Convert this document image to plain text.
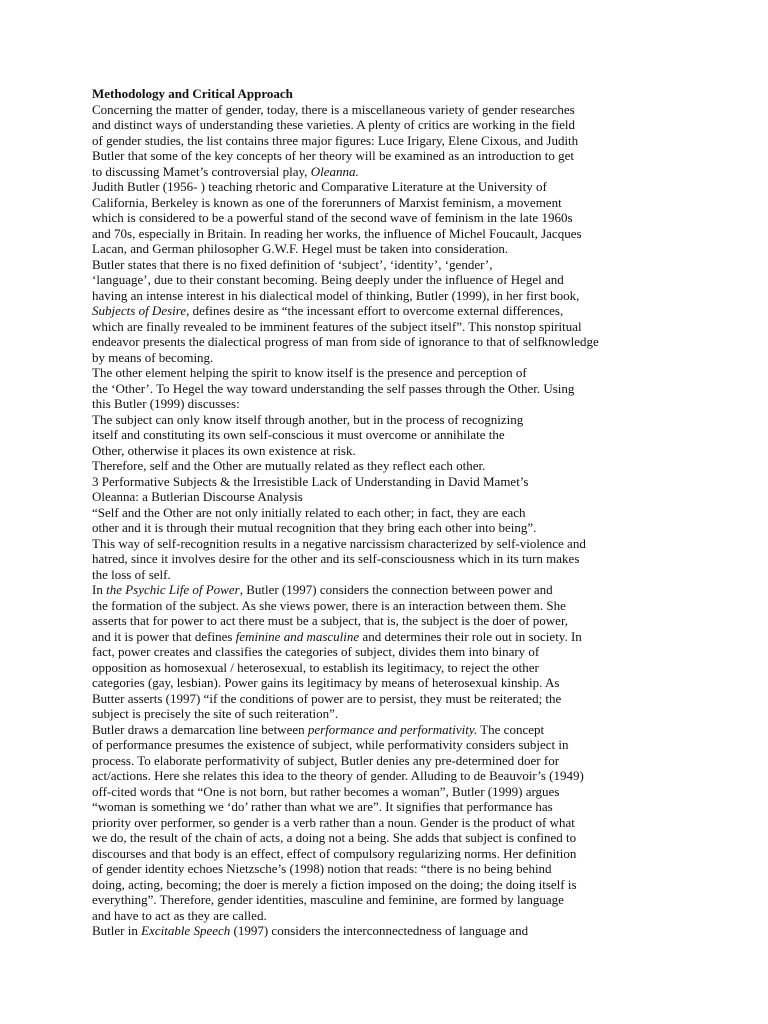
Methodology and Critical Approach
Concerning the matter of gender, today, there is a miscellaneous variety of gender researches
and distinct ways of understanding these varieties. A plenty of critics are working in the field
of gender studies, the list contains three major figures: Luce Irigary, Elene Cixous, and Judith
Butler that some of the key concepts of her theory will be examined as an introduction to get
to discussing Mamet’s controversial play, Oleanna.
Judith Butler (1956- ) teaching rhetoric and Comparative Literature at the University of
California, Berkeley is known as one of the forerunners of Marxist feminism, a movement
which is considered to be a powerful stand of the second wave of feminism in the late 1960s
and 70s, especially in Britain. In reading her works, the influence of Michel Foucault, Jacques
Lacan, and German philosopher G.W.F. Hegel must be taken into consideration.
Butler states that there is no fixed definition of ‘subject’, ‘identity’, ‘gender’,
‘language’, due to their constant becoming. Being deeply under the influence of Hegel and
having an intense interest in his dialectical model of thinking, Butler (1999), in her first book,
Subjects of Desire, defines desire as “the incessant effort to overcome external differences,
which are finally revealed to be imminent features of the subject itself”. This nonstop spiritual
endeavor presents the dialectical progress of man from side of ignorance to that of selfknowledge
by means of becoming.
The other element helping the spirit to know itself is the presence and perception of
the ‘Other’. To Hegel the way toward understanding the self passes through the Other. Using
this Butler (1999) discusses:
The subject can only know itself through another, but in the process of recognizing
itself and constituting its own self-conscious it must overcome or annihilate the
Other, otherwise it places its own existence at risk.
Therefore, self and the Other are mutually related as they reflect each other.
3 Performative Subjects & the Irresistible Lack of Understanding in David Mamet’s
Oleanna: a Butlerian Discourse Analysis
“Self and the Other are not only initially related to each other; in fact, they are each
other and it is through their mutual recognition that they bring each other into being”.
This way of self-recognition results in a negative narcissism characterized by self-violence and
hatred, since it involves desire for the other and its self-consciousness which in its turn makes
the loss of self.
In the Psychic Life of Power, Butler (1997) considers the connection between power and
the formation of the subject. As she views power, there is an interaction between them. She
asserts that for power to act there must be a subject, that is, the subject is the doer of power,
and it is power that defines feminine and masculine and determines their role out in society. In
fact, power creates and classifies the categories of subject, divides them into binary of
opposition as homosexual / heterosexual, to establish its legitimacy, to reject the other
categories (gay, lesbian). Power gains its legitimacy by means of heterosexual kinship. As
Butter asserts (1997) “if the conditions of power are to persist, they must be reiterated; the
subject is precisely the site of such reiteration”.
Butler draws a demarcation line between performance and performativity. The concept
of performance presumes the existence of subject, while performativity considers subject in
process. To elaborate performativity of subject, Butler denies any pre-determined doer for
act/actions. Here she relates this idea to the theory of gender. Alluding to de Beauvoir’s (1949)
off-cited words that “One is not born, but rather becomes a woman”, Butler (1999) argues
“woman is something we ‘do’ rather than what we are”. It signifies that performance has
priority over performer, so gender is a verb rather than a noun. Gender is the product of what
we do, the result of the chain of acts, a doing not a being. She adds that subject is confined to
discourses and that body is an effect, effect of compulsory regularizing norms. Her definition
of gender identity echoes Nietzsche’s (1998) notion that reads: “there is no being behind
doing, acting, becoming; the doer is merely a fiction imposed on the doing; the doing itself is
everything”. Therefore, gender identities, masculine and feminine, are formed by language
and have to act as they are called.
Butler in Excitable Speech (1997) considers the interconnectedness of language and
